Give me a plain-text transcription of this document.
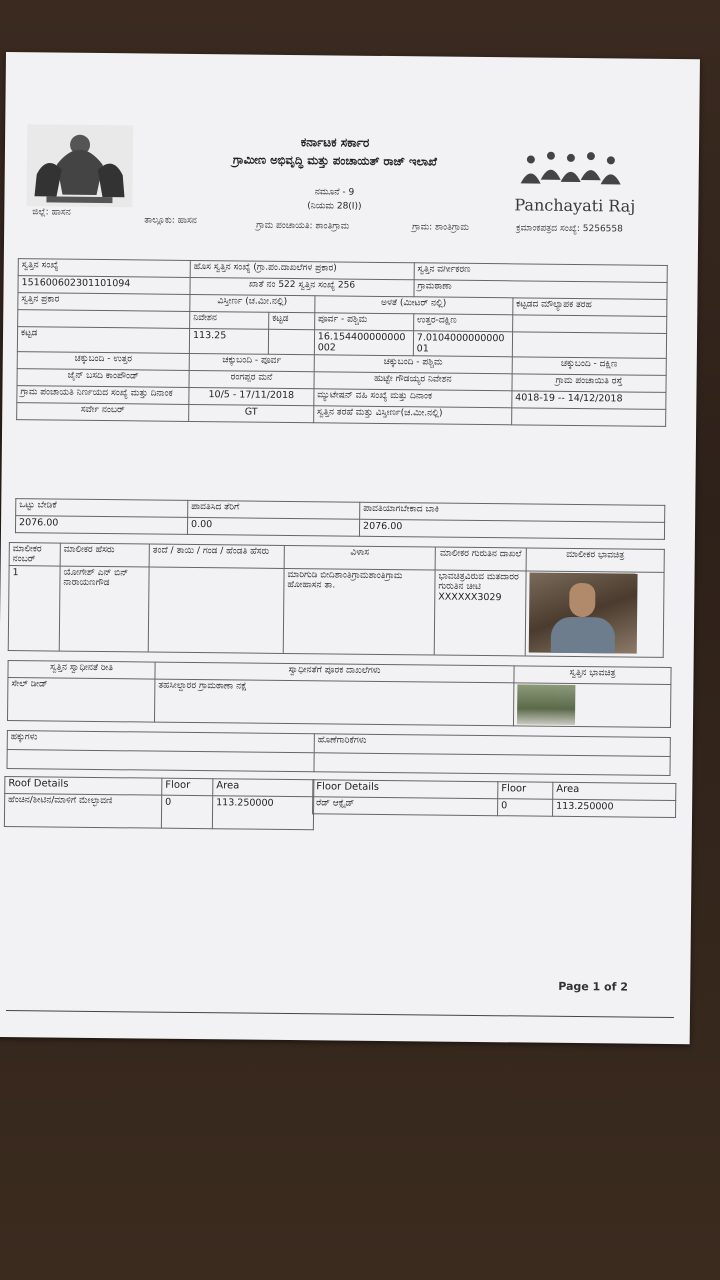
ಜಿಲ್ಲೆ: ಹಾಸನ
ಕರ್ನಾಟಕ ಸರ್ಕಾರ
ಗ್ರಾಮೀಣ ಅಭಿವೃದ್ಧಿ ಮತ್ತು ಪಂಚಾಯತ್ ರಾಜ್ ಇಲಾಖೆ
ನಮೂನೆ - 9
(ನಿಯಮ 28(I))
ತಾಲ್ಲೂಕು: ಹಾಸನ	ಗ್ರಾಮ ಪಂಚಾಯತಿ: ಶಾಂತಿಗ್ರಾಮ	ಗ್ರಾಮ: ಶಾಂತಿಗ್ರಾಮ	ಕ್ರಮಾಂಕಪತ್ರದ ಸಂಖ್ಯೆ: 5256558
Panchayati Raj
ಸ್ವತ್ತಿನ ಸಂಖ್ಯೆ	ಹೊಸ ಸ್ವತ್ತಿನ ಸಂಖ್ಯೆ (ಗ್ರಾ.ಪಂ.ದಾಖಲೆಗಳ ಪ್ರಕಾರ)			ಸ್ವತ್ತಿನ ವರ್ಗೀಕರಣ	
151600602301101094	ಖಾತೆ ನಂ 522 ಸ್ವತ್ತಿನ ಸಂಖ್ಯೆ 256			ಗ್ರಾಮಠಾಣಾ	
ಸ್ವತ್ತಿನ ಪ್ರಕಾರ	ವಿಸ್ತೀರ್ಣ (ಚ.ಮೀ.ನಲ್ಲಿ)		ಅಳತೆ (ಮೀಟರ್ ನಲ್ಲಿ)		ಕಟ್ಟಡದ ಮೌಲ್ಯಾಪಕ ತರಹ
	ನಿವೇಶನ	ಕಟ್ಟಡ	ಪೂರ್ವ - ಪಶ್ಚಿಮ	ಉತ್ತರ-ದಕ್ಷಿಣ	
ಕಟ್ಟಡ	113.25		16.154400000000002	7.010400000000001	
ಚಕ್ಕುಬಂದಿ - ಉತ್ತರ	ಚಕ್ಕುಬಂದಿ - ಪೂರ್ವ		ಚಕ್ಕುಬಂದಿ - ಪಶ್ಚಿಮ		ಚಕ್ಕುಬಂದಿ - ದಕ್ಷಿಣ
ಜೈನ್ ಬಸದಿ ಕಾಂಪೌಂಡ್	ರಂಗಪ್ಪರ ಮನೆ		ಹುಟ್ಟೇ ಗೌಡಯ್ಯರ ನಿವೇಶನ		ಗ್ರಾಮ ಪಂಚಾಯಿತಿ ರಸ್ತೆ
ಗ್ರಾಮ ಪಂಚಾಯತಿ ನಿರ್ಣಯದ ಸಂಖ್ಯೆ ಮತ್ತು ದಿನಾಂಕ	10/5 - 17/11/2018		ಮ್ಯುಟೇಷನ್ ವಹಿ ಸಂಖ್ಯೆ ಮತ್ತು ದಿನಾಂಕ		4018-19 -- 14/12/2018
ಸರ್ವೇ ನಂಬರ್	GT		ಸ್ವತ್ತಿನ ತರಹೆ ಮತ್ತು ವಿಸ್ತೀರ್ಣ(ಚ.ಮೀ.ನಲ್ಲಿ)		
ಒಟ್ಟು ಬೇಡಿಕೆ	ಪಾವತಿಸಿದ ತೆರಿಗೆ	ಪಾವತಿಯಾಗಬೇಕಾದ ಬಾಕಿ
2076.00	0.00	2076.00
ಮಾಲೀಕರ ನಂಬರ್	ಮಾಲೀಕರ ಹೆಸರು	ತಂದೆ / ತಾಯಿ / ಗಂಡ / ಹೆಂಡತಿ ಹೆಸರು	ವಿಳಾಸ	ಮಾಲೀಕರ ಗುರುತಿನ ದಾಖಲೆ	ಮಾಲೀಕರ ಭಾವಚಿತ್ರ
1	ಯೋಗೇಶ್ ಎನ್ ಬಿನ್ ನಾರಾಯಣಗೌಡ		ಮಾರಿಗುಡಿ ಬೀದಿಶಾಂತಿಗ್ರಾಮಶಾಂತಿಗ್ರಾಮ ಹೋಹಾಸನ ತಾ.	ಭಾವಚಿತ್ರವಿರುವ ಮತದಾರರ ಗುರುತಿನ ಚೀಟಿ
XXXXXX3029	

ಸ್ವತ್ತಿನ ಸ್ವಾಧೀನತೆ ರೀತಿ	ಸ್ವಾಧೀನತೆಗೆ ಪೂರಕ ದಾಖಲೆಗಳು	ಸ್ವತ್ತಿನ ಭಾವಚಿತ್ರ
ಸೇಲ್ ಡೀಡ್	ತಹಸೀಲ್ದಾರರ ಗ್ರಾಮಠಾಣಾ ನಕ್ಷೆ	
ಹಕ್ಕುಗಳು	ಹೊಣೆಗಾರಿಕೆಗಳು

Roof Details	Floor	Area
ಹೆಂಚಿನ/ಶೀಟಿನ/ಮಾಳಿಗೆ ಮೇಲ್ಛಾವಣಿ	0	113.250000
Floor Details	Floor	Area
ರೆಡ್ ಆಕ್ಸೈಡ್	0	113.250000
Page 1 of 2
